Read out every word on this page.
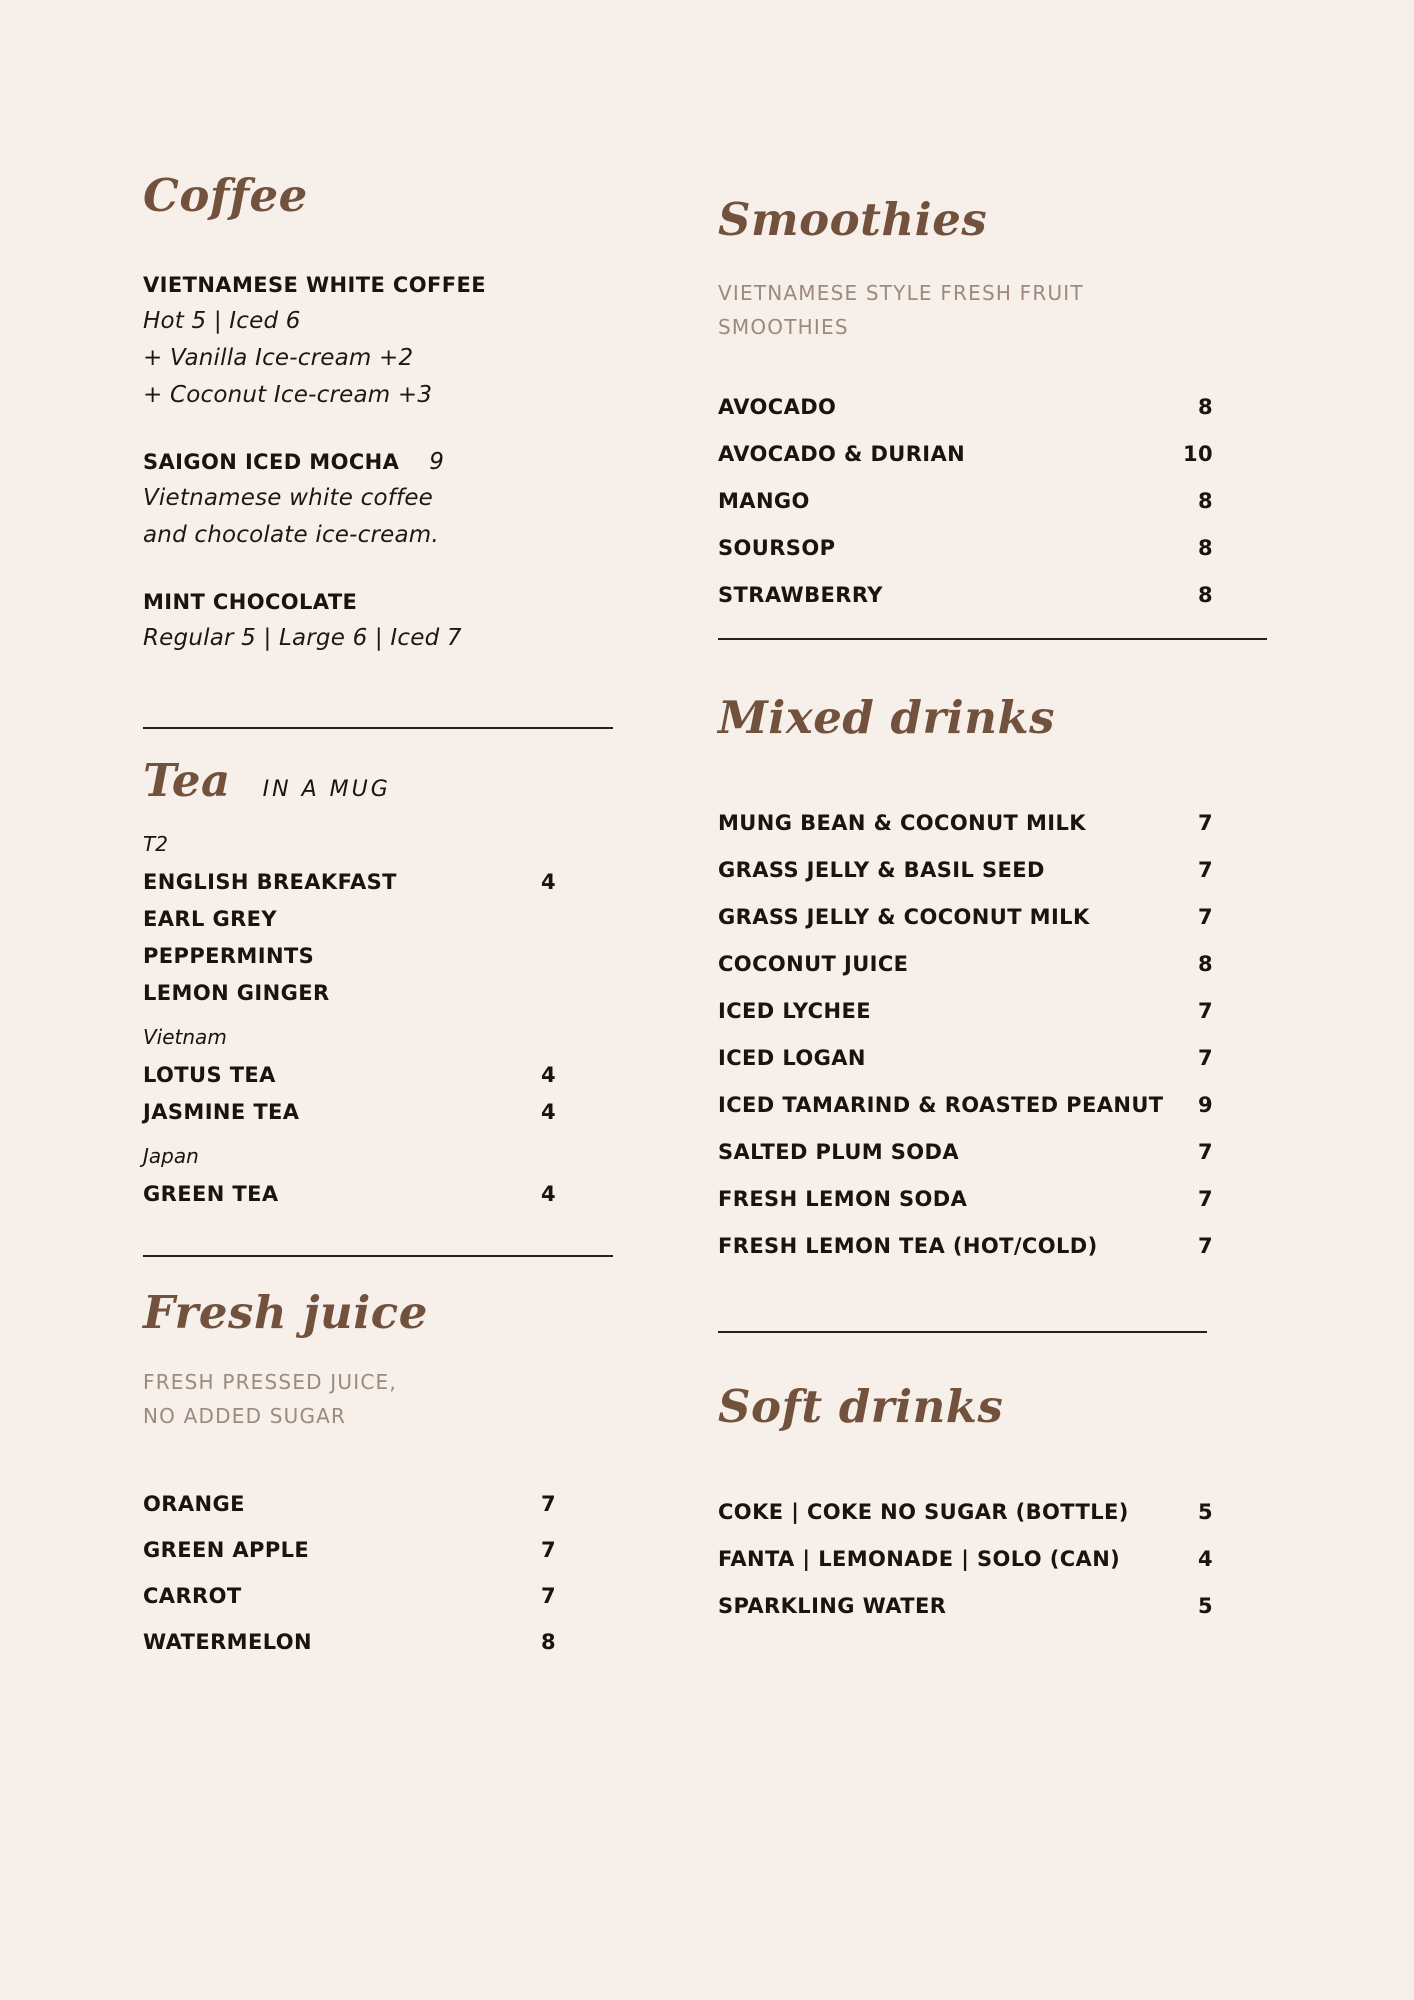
Coffee
VIETNAMESE WHITE COFFEE
Hot 5 | Iced 6
+ Vanilla Ice-cream +2
+ Coconut Ice-cream +3
SAIGON ICED MOCHA 9
Vietnamese white coffee
and chocolate ice-cream.
MINT CHOCOLATE
Regular 5 | Large 6 | Iced 7
Tea IN A MUG
T2
ENGLISH BREAKFAST	4
EARL GREY
PEPPERMINTS
LEMON GINGER
Vietnam
LOTUS TEA	4
JASMINE TEA	4
Japan
GREEN TEA	4
Fresh juice
FRESH PRESSED JUICE,
NO ADDED SUGAR
ORANGE	7
GREEN APPLE	7
CARROT	7
WATERMELON	8
Smoothies
VIETNAMESE STYLE FRESH FRUIT
SMOOTHIES
AVOCADO	8
AVOCADO & DURIAN	10
MANGO	8
SOURSOP	8
STRAWBERRY	8
Mixed drinks
MUNG BEAN & COCONUT MILK	7
GRASS JELLY & BASIL SEED	7
GRASS JELLY & COCONUT MILK	7
COCONUT JUICE	8
ICED LYCHEE	7
ICED LOGAN	7
ICED TAMARIND & ROASTED PEANUT 9
SALTED PLUM SODA	7
FRESH LEMON SODA	7
FRESH LEMON TEA (HOT/COLD)	7
Soft drinks
COKE | COKE NO SUGAR (BOTTLE)	5
FANTA | LEMONADE | SOLO (CAN)	4
SPARKLING WATER	5
